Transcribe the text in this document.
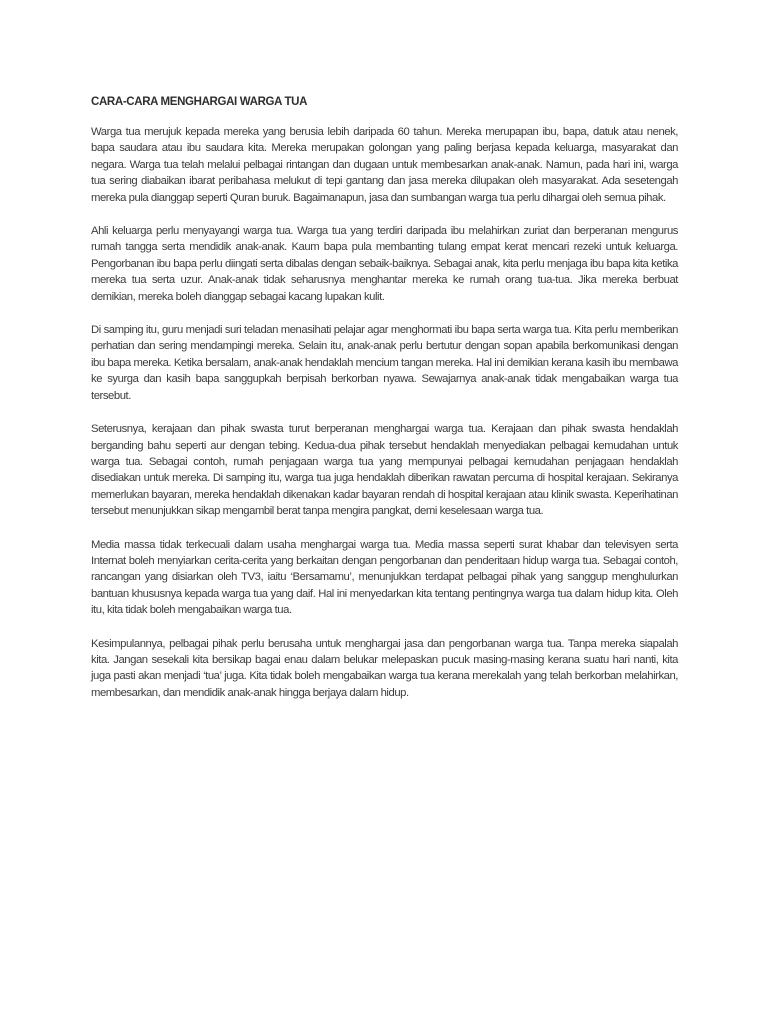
CARA-CARA MENGHARGAI WARGA TUA

Warga tua merujuk kepada mereka yang berusia lebih daripada 60 tahun. Mereka merupapan ibu, bapa, datuk atau nenek, bapa saudara atau ibu saudara kita. Mereka merupakan golongan yang paling berjasa kepada keluarga, masyarakat dan negara. Warga tua telah melalui pelbagai rintangan dan dugaan untuk membesarkan anak-anak. Namun, pada hari ini, warga tua sering diabaikan ibarat peribahasa melukut di tepi gantang dan jasa mereka dilupakan oleh masyarakat. Ada sesetengah mereka pula dianggap seperti Quran buruk. Bagaimanapun, jasa dan sumbangan warga tua perlu dihargai oleh semua pihak.

Ahli keluarga perlu menyayangi warga tua. Warga tua yang terdiri daripada ibu melahirkan zuriat dan berperanan mengurus rumah tangga serta mendidik anak-anak. Kaum bapa pula membanting tulang empat kerat mencari rezeki untuk keluarga. Pengorbanan ibu bapa perlu diingati serta dibalas dengan sebaik-baiknya. Sebagai anak, kita perlu menjaga ibu bapa kita ketika mereka tua serta uzur. Anak-anak tidak seharusnya menghantar mereka ke rumah orang tua-tua. Jika mereka berbuat demikian, mereka boleh dianggap sebagai kacang lupakan kulit.

Di samping itu, guru menjadi suri teladan menasihati pelajar agar menghormati ibu bapa serta warga tua. Kita perlu memberikan perhatian dan sering mendampingi mereka. Selain itu, anak-anak perlu bertutur dengan sopan apabila berkomunikasi dengan ibu bapa mereka. Ketika bersalam, anak-anak hendaklah mencium tangan mereka. Hal ini demikian kerana kasih ibu membawa ke syurga dan kasih bapa sanggupkah berpisah berkorban nyawa. Sewajarnya anak-anak tidak mengabaikan warga tua tersebut.

Seterusnya, kerajaan dan pihak swasta turut berperanan menghargai warga tua. Kerajaan dan pihak swasta hendaklah berganding bahu seperti aur dengan tebing. Kedua-dua pihak tersebut hendaklah menyediakan pelbagai kemudahan untuk warga tua. Sebagai contoh, rumah penjagaan warga tua yang mempunyai pelbagai kemudahan penjagaan hendaklah disediakan untuk mereka. Di samping itu, warga tua juga hendaklah diberikan rawatan percuma di hospital kerajaan. Sekiranya memerlukan bayaran, mereka hendaklah dikenakan kadar bayaran rendah di hospital kerajaan atau klinik swasta. Keperihatinan tersebut menunjukkan sikap mengambil berat tanpa mengira pangkat, demi keselesaan warga tua.

Media massa tidak terkecuali dalam usaha menghargai warga tua. Media massa seperti surat khabar dan televisyen serta Internat boleh menyiarkan cerita-cerita yang berkaitan dengan pengorbanan dan penderitaan hidup warga tua. Sebagai contoh, rancangan yang disiarkan oleh TV3, iaitu ‘Bersamamu’, menunjukkan terdapat pelbagai pihak yang sanggup menghulurkan bantuan khususnya kepada warga tua yang daif. Hal ini menyedarkan kita tentang pentingnya warga tua dalam hidup kita. Oleh itu, kita tidak boleh mengabaikan warga tua.

Kesimpulannya, pelbagai pihak perlu berusaha untuk menghargai jasa dan pengorbanan warga tua. Tanpa mereka siapalah kita. Jangan sesekali kita bersikap bagai enau dalam belukar melepaskan pucuk masing-masing kerana suatu hari nanti, kita juga pasti akan menjadi ‘tua’ juga. Kita tidak boleh mengabaikan warga tua kerana merekalah yang telah berkorban melahirkan, membesarkan, dan mendidik anak-anak hingga berjaya dalam hidup.
